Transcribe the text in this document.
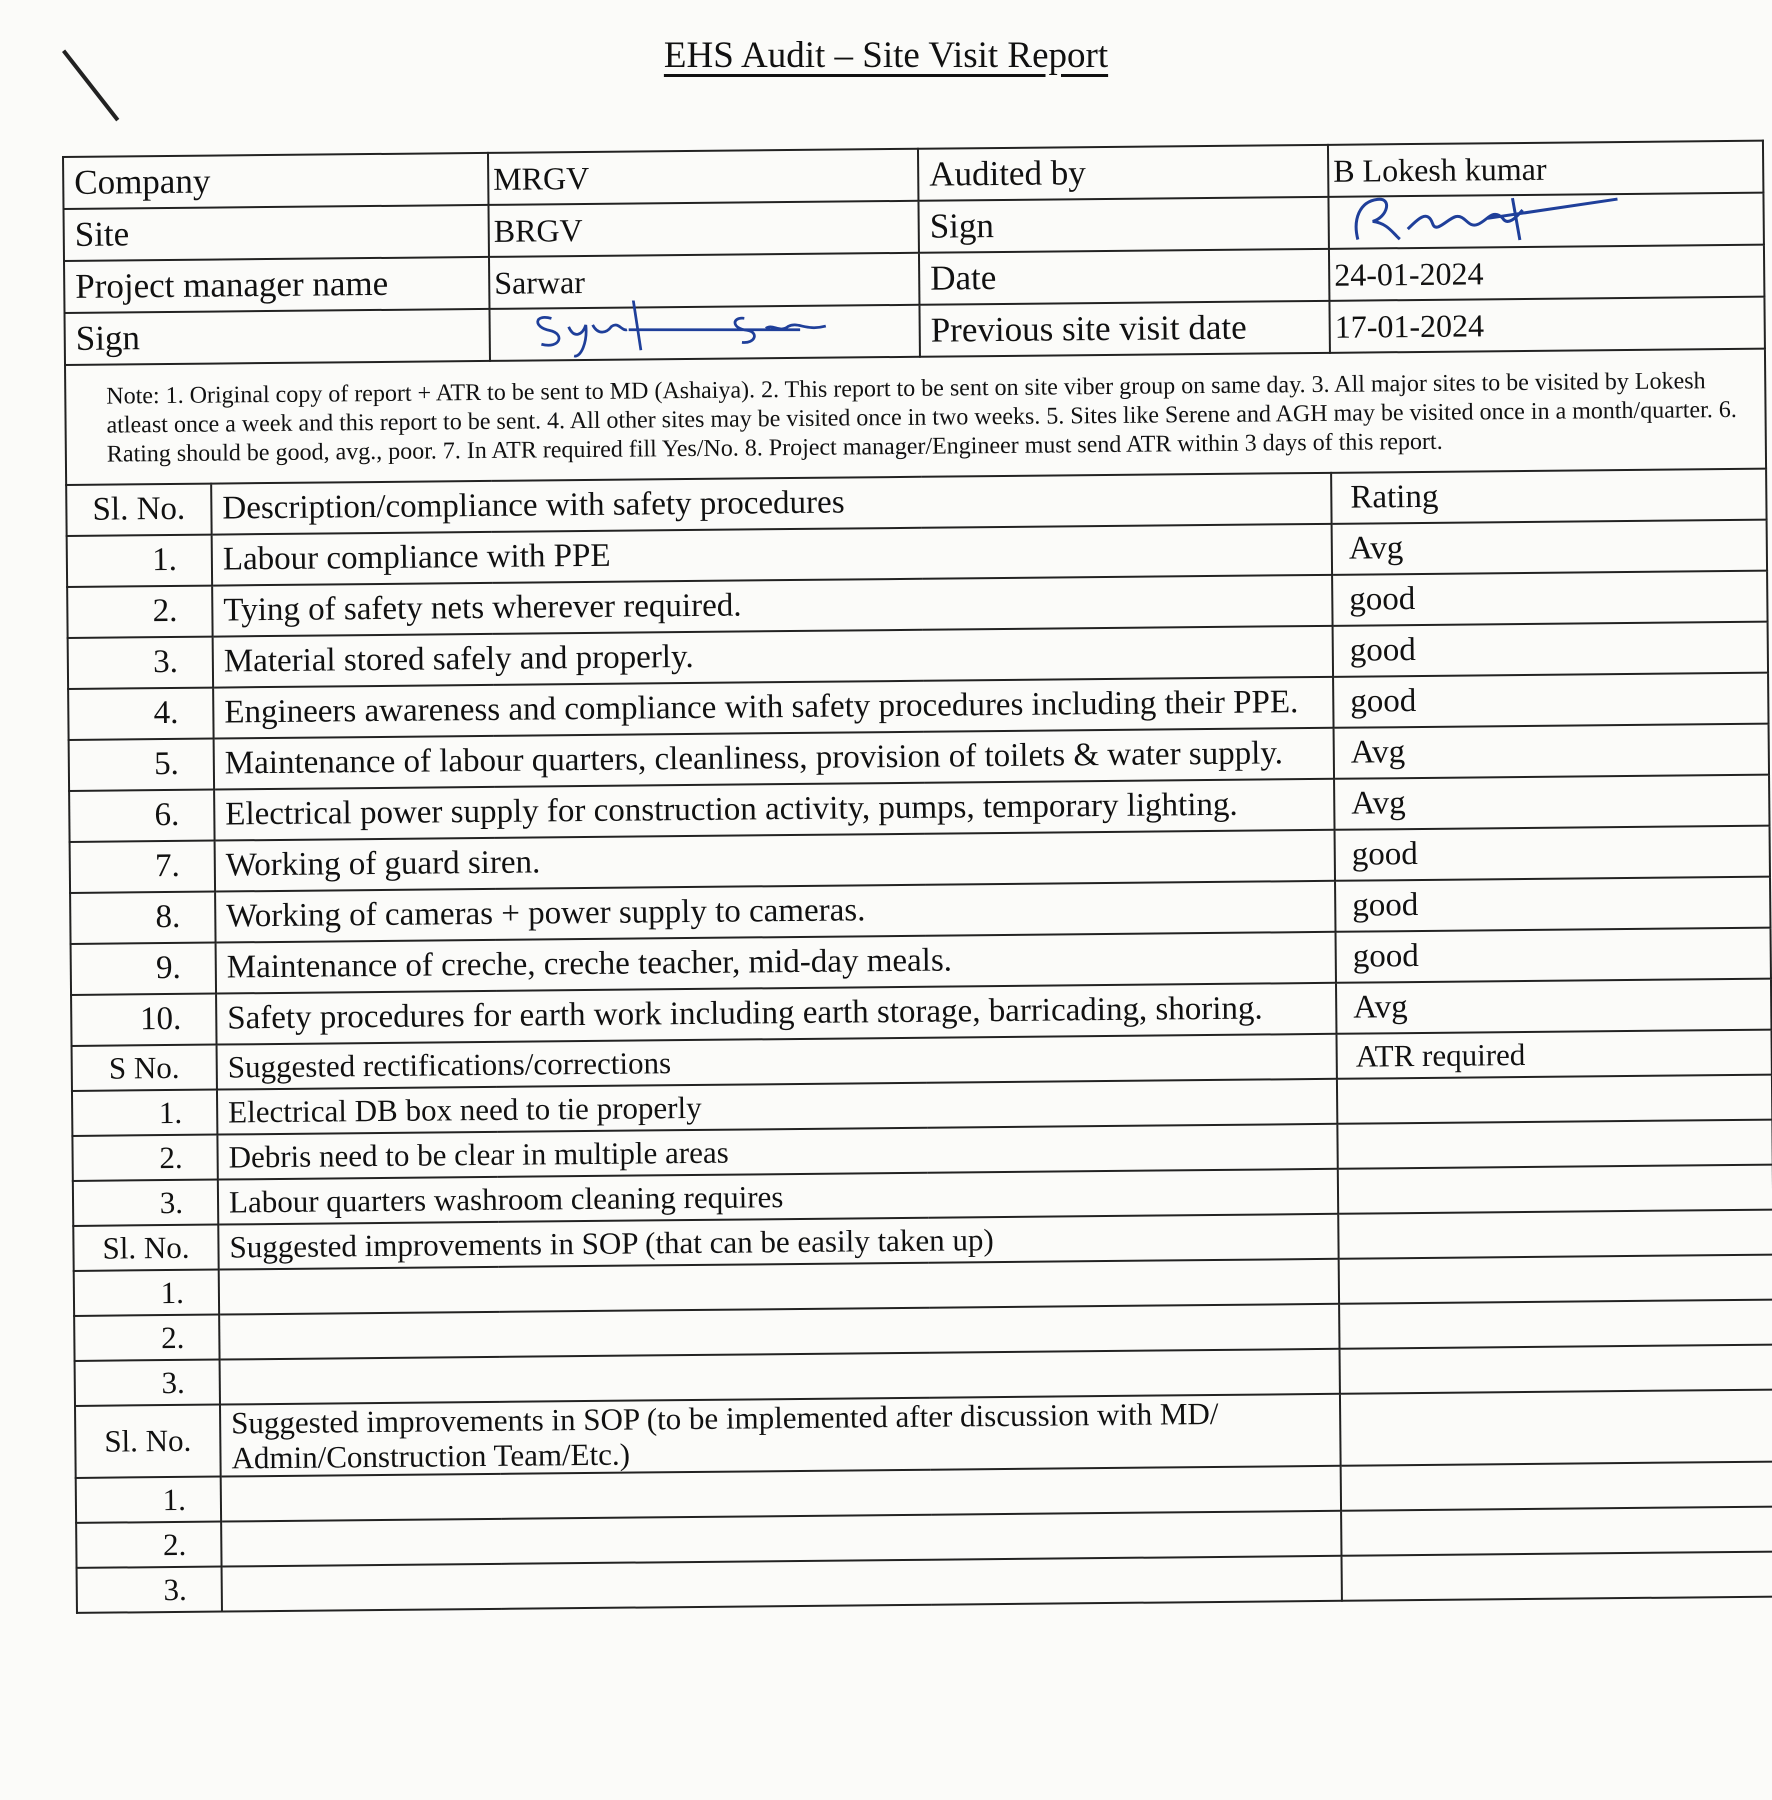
EHS Audit – Site Visit Report
Company		MRGV	Audited by	B Lokesh kumar
Site		BRGV	Sign	

Project manager name		Sarwar	Date	24-01-2024
Sign			Previous site visit date	17-01-2024
Note: 1. Original copy of report + ATR to be sent to MD (Ashaiya). 2. This report to be sent on site viber group on same day. 3. All major sites to be visited by Lokesh atleast once a week and this report to be sent. 4. All other sites may be visited once in two weeks. 5. Sites like Serene and AGH may be visited once in a month/quarter. 6. Rating should be good, avg., poor. 7. In ATR required fill Yes/No. 8. Project manager/Engineer must send ATR within 3 days of this report.				
Sl. No.	Description/compliance with safety procedures			Rating
1.	Labour compliance with PPE			Avg
2.	Tying of safety nets wherever required.			good
3.	Material stored safely and properly.			good
4.	Engineers awareness and compliance with safety procedures including their PPE.			good
5.	Maintenance of labour quarters, cleanliness, provision of toilets & water supply.			Avg
6.	Electrical power supply for construction activity, pumps, temporary lighting.			Avg
7.	Working of guard siren.			good
8.	Working of cameras + power supply to cameras.			good
9.	Maintenance of creche, creche teacher, mid-day meals.			good
10.	Safety procedures for earth work including earth storage, barricading, shoring.			Avg
S No.	Suggested rectifications/corrections			ATR required
1.	Electrical DB box need to tie properly			
2.	Debris need to be clear in multiple areas			
3.	Labour quarters washroom cleaning requires			
Sl. No.	Suggested improvements in SOP (that can be easily taken up)			
1.				
2.				
3.				
Sl. No.	Suggested improvements in SOP (to be implemented after discussion with MD/ Admin/Construction Team/Etc.)			
1.				
2.				
3.				
